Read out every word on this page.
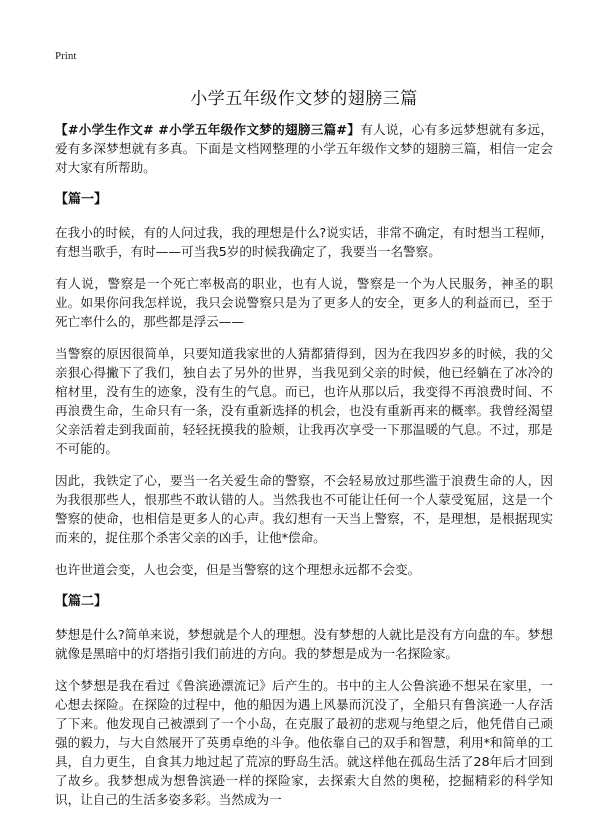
Print
小学五年级作文梦的翅膀三篇

【#小学生作文# #小学五年级作文梦的翅膀三篇#】有人说，心有多远梦想就有多远，爱有多深梦想就有多真。下面是文档网整理的小学五年级作文梦的翅膀三篇，相信一定会对大家有所帮助。

【篇一】

在我小的时候，有的人问过我，我的理想是什么?说实话，非常不确定，有时想当工程师，有想当歌手，有时——可当我5岁的时候我确定了，我要当一名警察。

有人说，警察是一个死亡率极高的职业，也有人说，警察是一个为人民服务，神圣的职业。如果你问我怎样说，我只会说警察只是为了更多人的安全，更多人的利益而已，至于死亡率什么的，那些都是浮云——

当警察的原因很简单，只要知道我家世的人猜都猜得到，因为在我四岁多的时候，我的父亲狠心得撇下了我们，独自去了另外的世界，当我见到父亲的时候，他已经躺在了冰冷的棺材里，没有生的迹象，没有生的气息。而已，也许从那以后，我变得不再浪费时间、不再浪费生命，生命只有一条，没有重新选择的机会，也没有重新再来的概率。我曾经渴望父亲活着走到我面前，轻轻抚摸我的脸颊，让我再次享受一下那温暖的气息。不过，那是不可能的。

因此，我铁定了心，要当一名关爱生命的警察，不会轻易放过那些滥于浪费生命的人，因为我很那些人，恨那些不敢认错的人。当然我也不可能让任何一个人蒙受冤屈，这是一个警察的使命，也相信是更多人的心声。我幻想有一天当上警察，不，是理想，是根据现实而来的，捉住那个杀害父亲的凶手，让他*偿命。

也许世道会变，人也会变，但是当警察的这个理想永远都不会变。

【篇二】

梦想是什么?简单来说，梦想就是个人的理想。没有梦想的人就比是没有方向盘的车。梦想就像是黑暗中的灯塔指引我们前进的方向。我的梦想是成为一名探险家。

这个梦想是我在看过《鲁滨逊漂流记》后产生的。书中的主人公鲁滨逊不想呆在家里，一心想去探险。在探险的过程中，他的船因为遇上风暴而沉没了，全船只有鲁滨逊一人存活了下来。他发现自己被漂到了一个小岛，在克服了最初的悲观与绝望之后，他凭借自己顽强的毅力，与大自然展开了英勇卓绝的斗争。他依靠自己的双手和智慧，利用*和简单的工具，自力更生，自食其力地过起了荒凉的野岛生活。就这样他在孤岛生活了28年后才回到了故乡。我梦想成为想鲁滨逊一样的探险家，去探索大自然的奥秘，挖掘精彩的科学知识，让自己的生活多姿多彩。当然成为一
